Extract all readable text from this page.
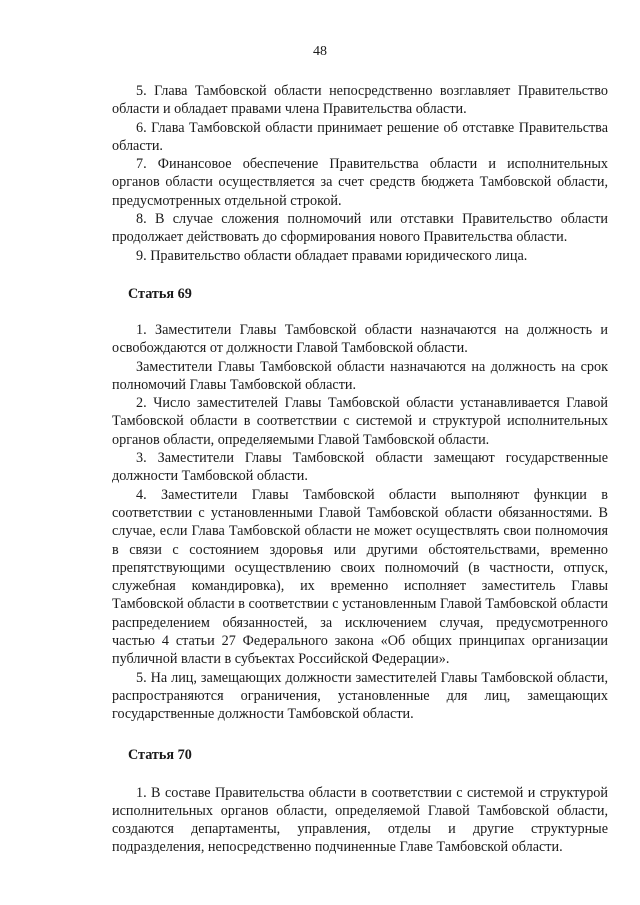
48

5. Глава Тамбовской области непосредственно возглавляет Правительство области и обладает правами члена Правительства области.

6. Глава Тамбовской области принимает решение об отставке Правительства области.

7. Финансовое обеспечение Правительства области и исполнительных органов области осуществляется за счет средств бюджета Тамбовской области, предусмотренных отдельной строкой.

8. В случае сложения полномочий или отставки Правительство области продолжает действовать до сформирования нового Правительства области.

9. Правительство области обладает правами юридического лица.

Статья 69

1. Заместители Главы Тамбовской области назначаются на должность и освобождаются от должности Главой Тамбовской области.

Заместители Главы Тамбовской области назначаются на должность на срок полномочий Главы Тамбовской области.

2. Число заместителей Главы Тамбовской области устанавливается Главой Тамбовской области в соответствии с системой и структурой исполнительных органов области, определяемыми Главой Тамбовской области.

3. Заместители Главы Тамбовской области замещают государственные должности Тамбовской области.

4. Заместители Главы Тамбовской области выполняют функции в соответствии с установленными Главой Тамбовской области обязанностями. В случае, если Глава Тамбовской области не может осуществлять свои полномочия в связи с состоянием здоровья или другими обстоятельствами, временно препятствующими осуществлению своих полномочий (в частности, отпуск, служебная командировка), их временно исполняет заместитель Главы Тамбовской области в соответствии с установленным Главой Тамбовской области распределением обязанностей, за исключением случая, предусмотренного частью 4 статьи 27 Федерального закона «Об общих принципах организации публичной власти в субъектах Российской Федерации».

5. На лиц, замещающих должности заместителей Главы Тамбовской области, распространяются ограничения, установленные для лиц, замещающих государственные должности Тамбовской области.

Статья 70

1. В составе Правительства области в соответствии с системой и структурой исполнительных органов области, определяемой Главой Тамбовской области, создаются департаменты, управления, отделы и другие структурные подразделения, непосредственно подчиненные Главе Тамбовской области.
